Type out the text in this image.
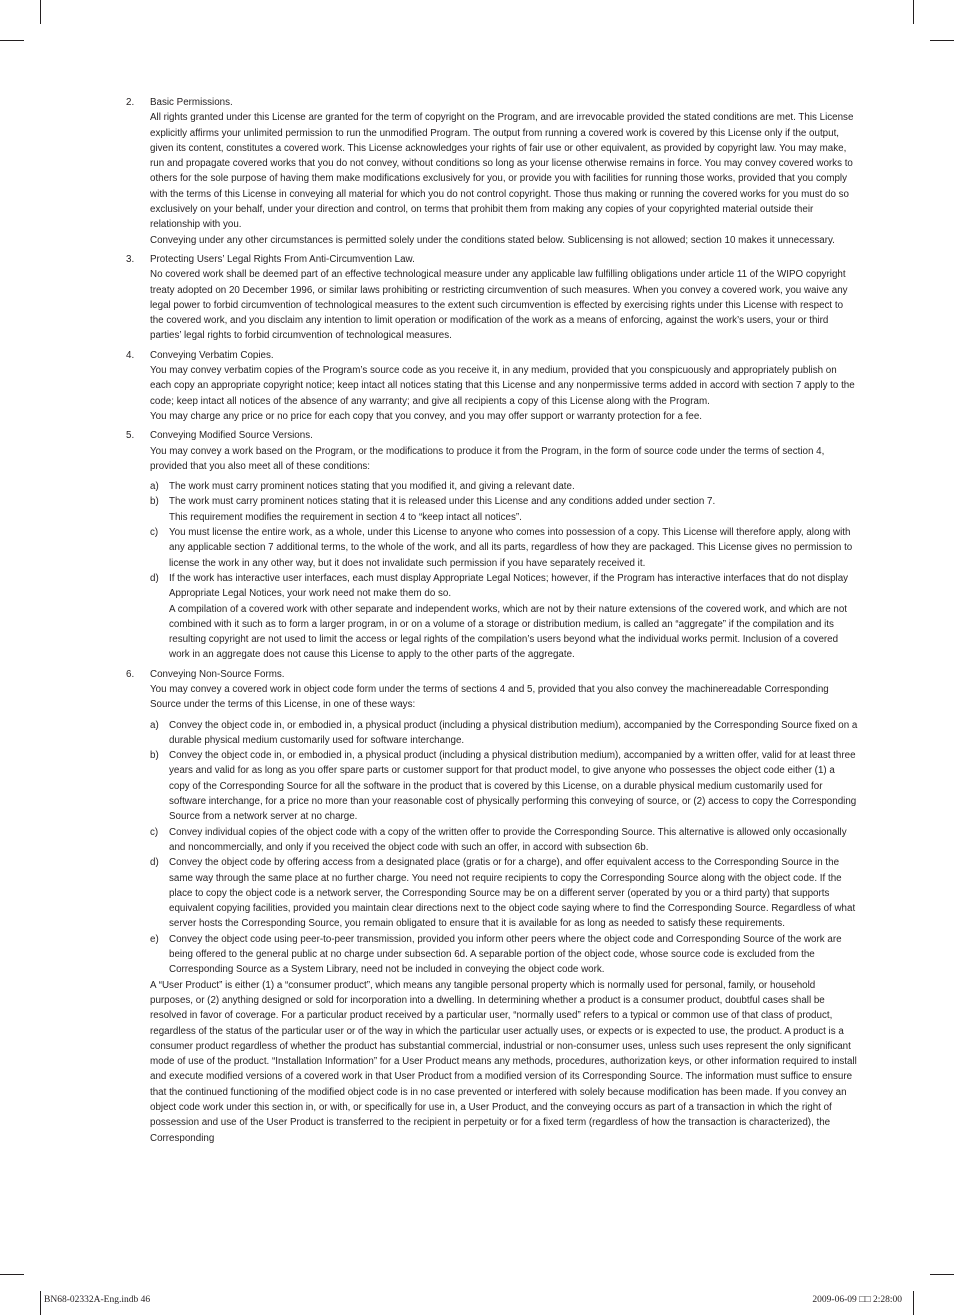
2. Basic Permissions.

All rights granted under this License are granted for the term of copyright on the Program, and are irrevocable provided the stated conditions are met. This License explicitly affirms your unlimited permission to run the unmodified Program. The output from running a covered work is covered by this License only if the output, given its content, constitutes a covered work. This License acknowledges your rights of fair use or other equivalent, as provided by copyright law. You may make, run and propagate covered works that you do not convey, without conditions so long as your license otherwise remains in force. You may convey covered works to others for the sole purpose of having them make modifications exclusively for you, or provide you with facilities for running those works, provided that you comply with the terms of this License in conveying all material for which you do not control copyright. Those thus making or running the covered works for you must do so exclusively on your behalf, under your direction and control, on terms that prohibit them from making any copies of your copyrighted material outside their relationship with you.

Conveying under any other circumstances is permitted solely under the conditions stated below. Sublicensing is not allowed; section 10 makes it unnecessary.

3. Protecting Users’ Legal Rights From Anti-Circumvention Law.

No covered work shall be deemed part of an effective technological measure under any applicable law fulfilling obligations under article 11 of the WIPO copyright treaty adopted on 20 December 1996, or similar laws prohibiting or restricting circumvention of such measures. When you convey a covered work, you waive any legal power to forbid circumvention of technological measures to the extent such circumvention is effected by exercising rights under this License with respect to the covered work, and you disclaim any intention to limit operation or modification of the work as a means of enforcing, against the work’s users, your or third parties’ legal rights to forbid circumvention of technological measures.

4. Conveying Verbatim Copies.

You may convey verbatim copies of the Program’s source code as you receive it, in any medium, provided that you conspicuously and appropriately publish on each copy an appropriate copyright notice; keep intact all notices stating that this License and any nonpermissive terms added in accord with section 7 apply to the code; keep intact all notices of the absence of any warranty; and give all recipients a copy of this License along with the Program.

You may charge any price or no price for each copy that you convey, and you may offer support or warranty protection for a fee.

5. Conveying Modified Source Versions.

You may convey a work based on the Program, or the modifications to produce it from the Program, in the form of source code under the terms of section 4, provided that you also meet all of these conditions:

a) The work must carry prominent notices stating that you modified it, and giving a relevant date.

b) The work must carry prominent notices stating that it is released under this License and any conditions added under section 7.

This requirement modifies the requirement in section 4 to “keep intact all notices”.

c) You must license the entire work, as a whole, under this License to anyone who comes into possession of a copy. This License will therefore apply, along with any applicable section 7 additional terms, to the whole of the work, and all its parts, regardless of how they are packaged. This License gives no permission to license the work in any other way, but it does not invalidate such permission if you have separately received it.

d) If the work has interactive user interfaces, each must display Appropriate Legal Notices; however, if the Program has interactive interfaces that do not display Appropriate Legal Notices, your work need not make them do so.

A compilation of a covered work with other separate and independent works, which are not by their nature extensions of the covered work, and which are not combined with it such as to form a larger program, in or on a volume of a storage or distribution medium, is called an “aggregate” if the compilation and its resulting copyright are not used to limit the access or legal rights of the compilation’s users beyond what the individual works permit. Inclusion of a covered work in an aggregate does not cause this License to apply to the other parts of the aggregate.

6. Conveying Non-Source Forms.

You may convey a covered work in object code form under the terms of sections 4 and 5, provided that you also convey the machinereadable Corresponding Source under the terms of this License, in one of these ways:

a) Convey the object code in, or embodied in, a physical product (including a physical distribution medium), accompanied by the Corresponding Source fixed on a durable physical medium customarily used for software interchange.

b) Convey the object code in, or embodied in, a physical product (including a physical distribution medium), accompanied by a written offer, valid for at least three years and valid for as long as you offer spare parts or customer support for that product model, to give anyone who possesses the object code either (1) a copy of the Corresponding Source for all the software in the product that is covered by this License, on a durable physical medium customarily used for software interchange, for a price no more than your reasonable cost of physically performing this conveying of source, or (2) access to copy the Corresponding Source from a network server at no charge.

c) Convey individual copies of the object code with a copy of the written offer to provide the Corresponding Source. This alternative is allowed only occasionally and noncommercially, and only if you received the object code with such an offer, in accord with subsection 6b.

d) Convey the object code by offering access from a designated place (gratis or for a charge), and offer equivalent access to the Corresponding Source in the same way through the same place at no further charge. You need not require recipients to copy the Corresponding Source along with the object code. If the place to copy the object code is a network server, the Corresponding Source may be on a different server (operated by you or a third party) that supports equivalent copying facilities, provided you maintain clear directions next to the object code saying where to find the Corresponding Source. Regardless of what server hosts the Corresponding Source, you remain obligated to ensure that it is available for as long as needed to satisfy these requirements.

e) Convey the object code using peer-to-peer transmission, provided you inform other peers where the object code and Corresponding Source of the work are being offered to the general public at no charge under subsection 6d. A separable portion of the object code, whose source code is excluded from the Corresponding Source as a System Library, need not be included in conveying the object code work.

A “User Product” is either (1) a “consumer product”, which means any tangible personal property which is normally used for personal, family, or household purposes, or (2) anything designed or sold for incorporation into a dwelling. In determining whether a product is a consumer product, doubtful cases shall be resolved in favor of coverage. For a particular product received by a particular user, “normally used” refers to a typical or common use of that class of product, regardless of the status of the particular user or of the way in which the particular user actually uses, or expects or is expected to use, the product. A product is a consumer product regardless of whether the product has substantial commercial, industrial or non-consumer uses, unless such uses represent the only significant mode of use of the product. “Installation Information” for a User Product means any methods, procedures, authorization keys, or other information required to install and execute modified versions of a covered work in that User Product from a modified version of its Corresponding Source. The information must suffice to ensure that the continued functioning of the modified object code is in no case prevented or interfered with solely because modification has been made. If you convey an object code work under this section in, or with, or specifically for use in, a User Product, and the conveying occurs as part of a transaction in which the right of possession and use of the User Product is transferred to the recipient in perpetuity or for a fixed term (regardless of how the transaction is characterized), the Corresponding

BN68-02332A-Eng.indb 46	2009-06-09 □□ 2:28:00
